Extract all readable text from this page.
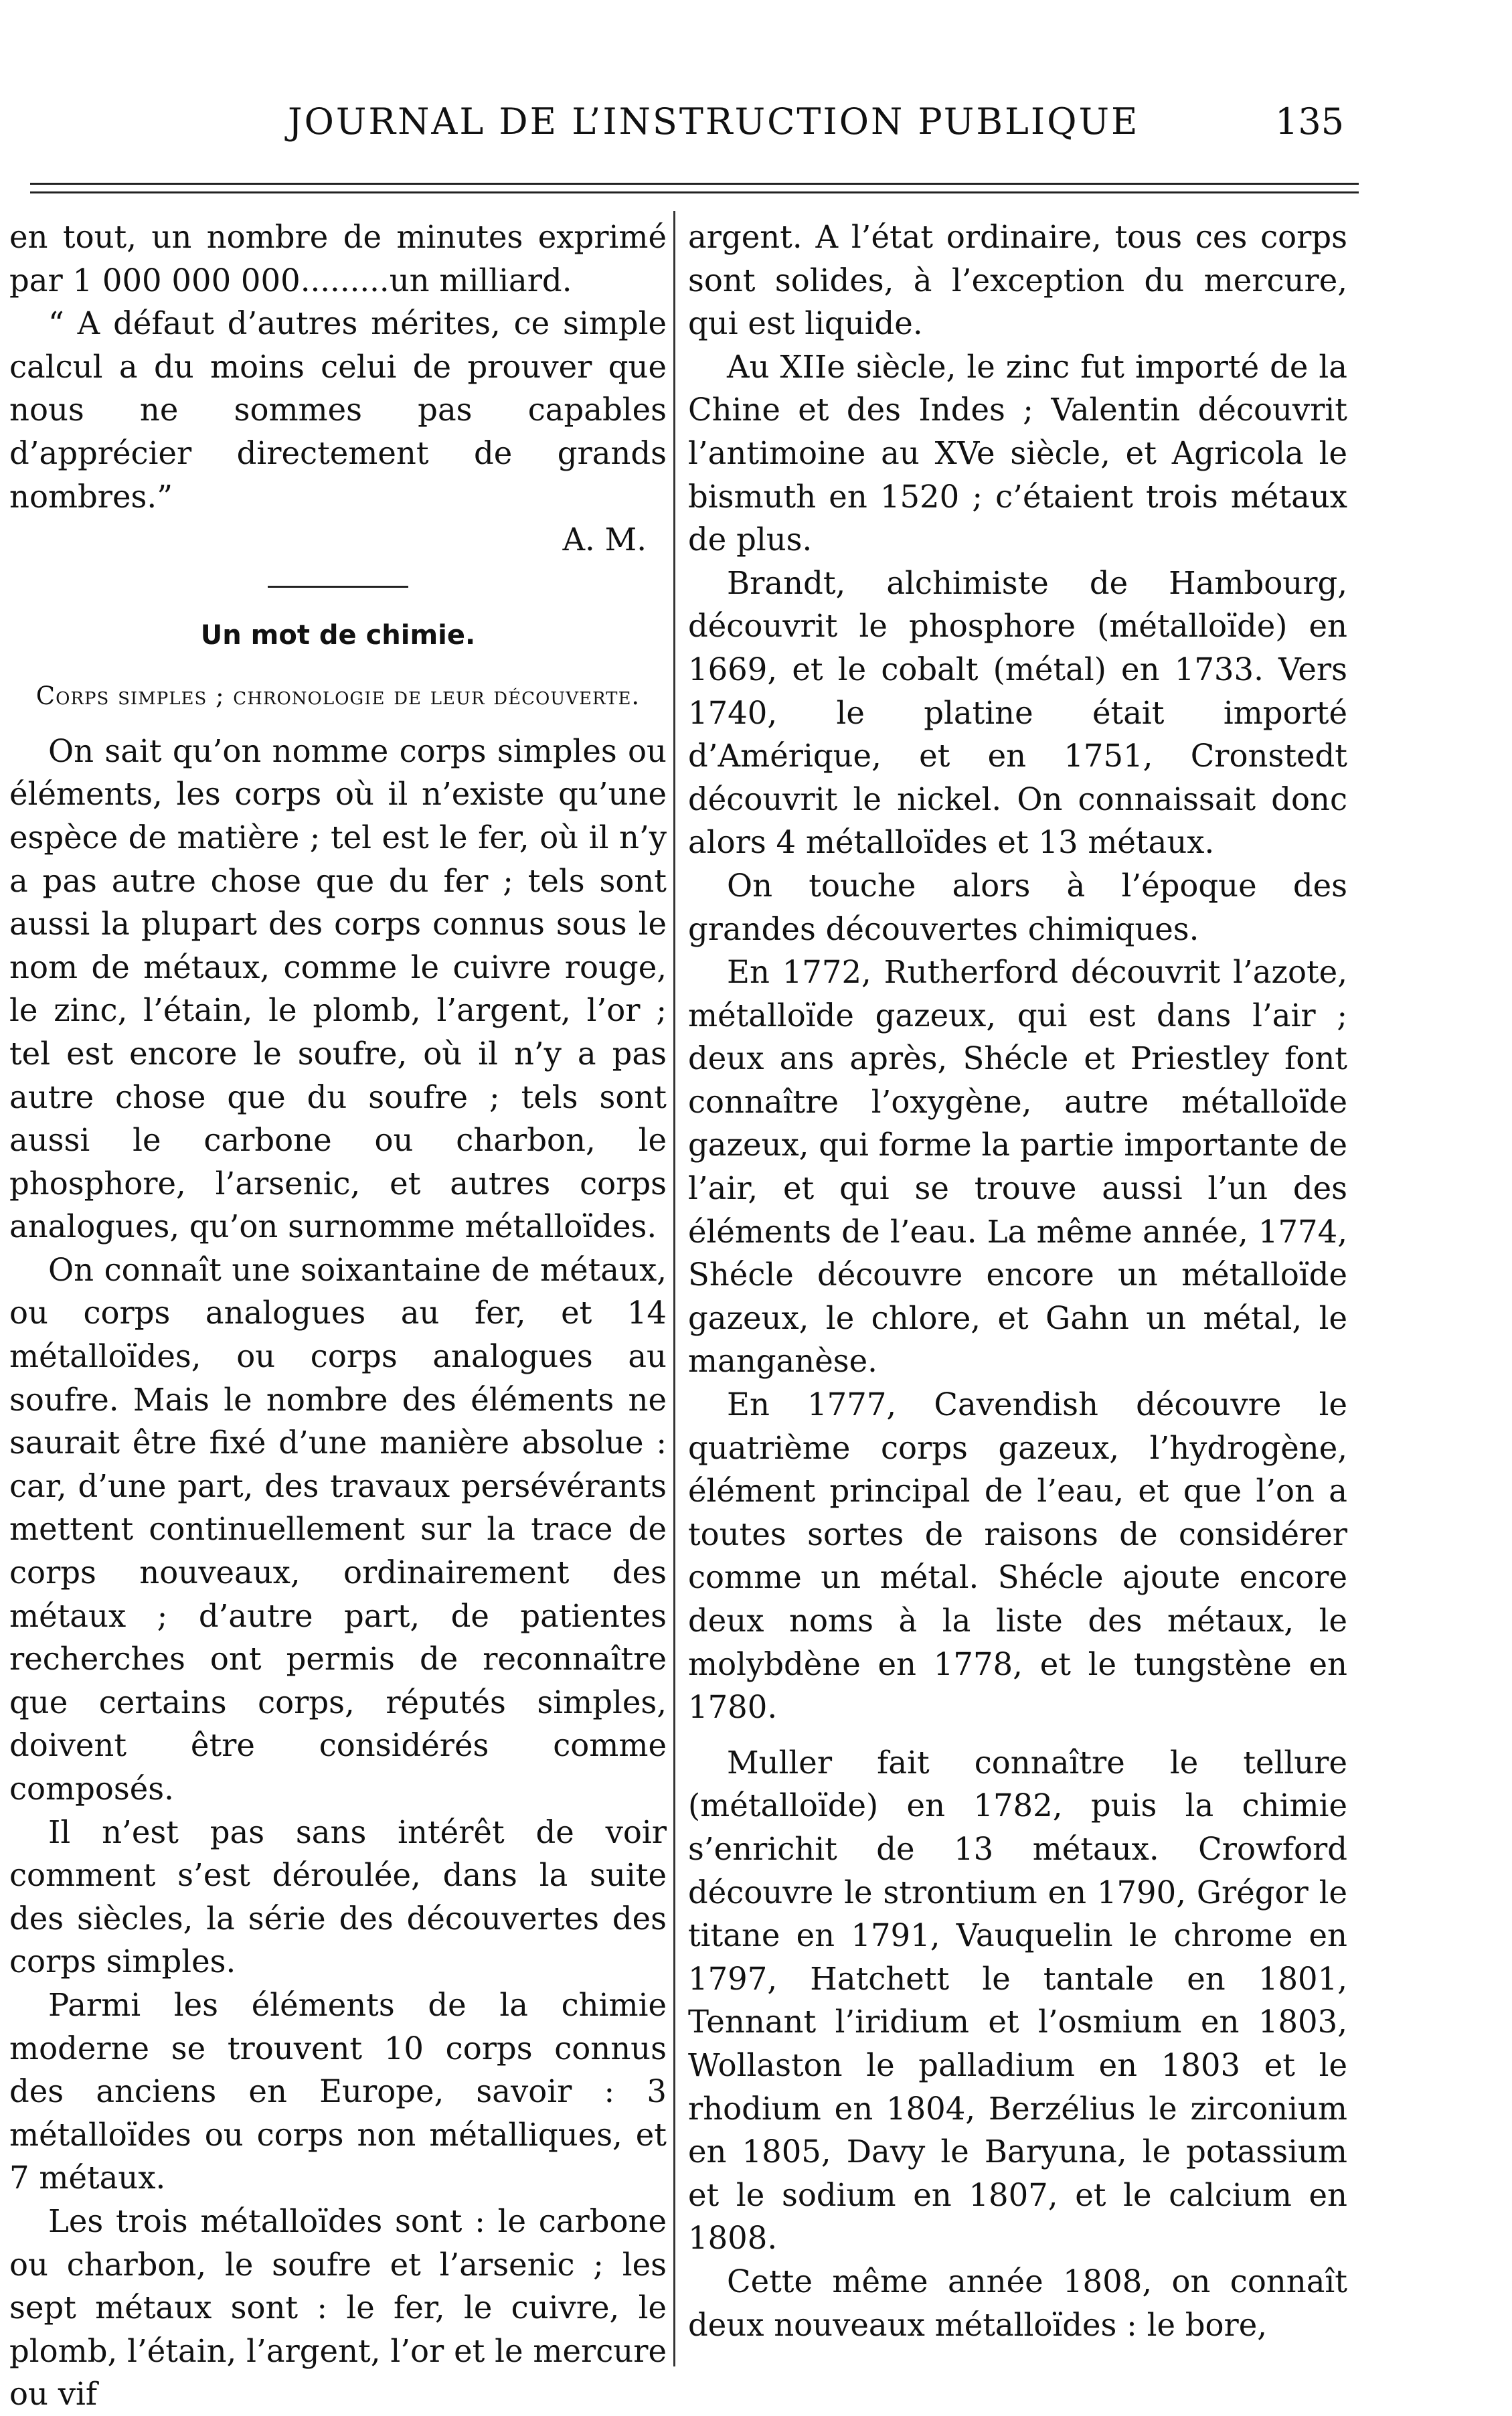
JOURNAL DE L’INSTRUCTION PUBLIQUE	135

en tout, un nombre de minutes exprimé par 1 000 000 000.........un milliard.

“ A défaut d’autres mérites, ce simple calcul a du moins celui de prouver que nous ne sommes pas capables d’apprécier directement de grands nombres.”

A. M.

Un mot de chimie.
Corps simples ; chronologie de leur découverte.

On sait qu’on nomme corps simples ou éléments, les corps où il n’existe qu’une espèce de matière ; tel est le fer, où il n’y a pas autre chose que du fer ; tels sont aussi la plupart des corps connus sous le nom de métaux, comme le cuivre rouge, le zinc, l’étain, le plomb, l’argent, l’or ; tel est encore le soufre, où il n’y a pas autre chose que du soufre ; tels sont aussi le carbone ou charbon, le phosphore, l’arsenic, et autres corps analogues, qu’on surnomme métalloïdes.

On connaît une soixantaine de métaux, ou corps analogues au fer, et 14 métalloïdes, ou corps analogues au soufre. Mais le nombre des éléments ne saurait être fixé d’une manière absolue : car, d’une part, des travaux persévérants mettent continuellement sur la trace de corps nouveaux, ordinairement des métaux ; d’autre part, de patientes recherches ont permis de reconnaître que certains corps, réputés simples, doivent être considérés comme composés.

Il n’est pas sans intérêt de voir comment s’est déroulée, dans la suite des siècles, la série des découvertes des corps simples.

Parmi les éléments de la chimie moderne se trouvent 10 corps connus des anciens en Europe, savoir : 3 métalloïdes ou corps non métalliques, et 7 métaux.

Les trois métalloïdes sont : le carbone ou charbon, le soufre et l’arsenic ; les sept métaux sont : le fer, le cuivre, le plomb, l’étain, l’argent, l’or et le mercure ou vif

argent. A l’état ordinaire, tous ces corps sont solides, à l’exception du mercure, qui est liquide.

Au XIIe siècle, le zinc fut importé de la Chine et des Indes ; Valentin découvrit l’antimoine au XVe siècle, et Agricola le bismuth en 1520 ; c’étaient trois métaux de plus.

Brandt, alchimiste de Hambourg, découvrit le phosphore (métalloïde) en 1669, et le cobalt (métal) en 1733. Vers 1740, le platine était importé d’Amérique, et en 1751, Cronstedt découvrit le nickel. On connaissait donc alors 4 métalloïdes et 13 métaux.

On touche alors à l’époque des grandes découvertes chimiques.

En 1772, Rutherford découvrit l’azote, métalloïde gazeux, qui est dans l’air ; deux ans après, Shécle et Priestley font connaître l’oxygène, autre métalloïde gazeux, qui forme la partie importante de l’air, et qui se trouve aussi l’un des éléments de l’eau. La même année, 1774, Shécle découvre encore un métalloïde gazeux, le chlore, et Gahn un métal, le manganèse.

En 1777, Cavendish découvre le quatrième corps gazeux, l’hydrogène, élément principal de l’eau, et que l’on a toutes sortes de raisons de considérer comme un métal. Shécle ajoute encore deux noms à la liste des métaux, le molybdène en 1778, et le tungstène en 1780.

Muller fait connaître le tellure (métalloïde) en 1782, puis la chimie s’enrichit de 13 métaux. Crowford découvre le strontium en 1790, Grégor le titane en 1791, Vauquelin le chrome en 1797, Hatchett le tantale en 1801, Tennant l’iridium et l’osmium en 1803, Wollaston le palladium en 1803 et le rhodium en 1804, Berzélius le zirconium en 1805, Davy le Baryuna, le potassium et le sodium en 1807, et le calcium en 1808.

Cette même année 1808, on connaît deux nouveaux métalloïdes : le bore,
